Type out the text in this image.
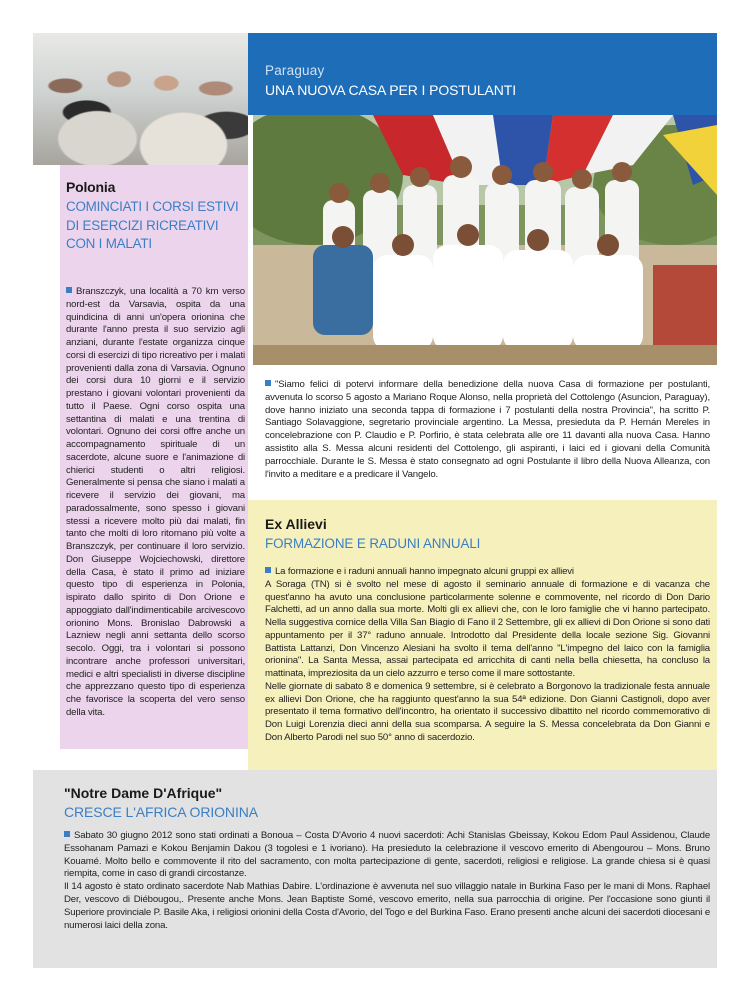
Polonia
COMINCIATI I CORSI ESTIVI DI ESERCIZI RICREATIVI CON I MALATI
Branszczyk, una località a 70 km verso nord-est da Varsavia, ospita da una quindicina di anni un'opera orionina che durante l'anno presta il suo servizio agli anziani, durante l'estate organizza cinque corsi di esercizi di tipo ricreativo per i malati provenienti dalla zona di Varsavia. Ognuno dei corsi dura 10 giorni e il servizio prestano i giovani volontari provenienti da tutto il Paese. Ogni corso ospita una settantina di malati e una trentina di volontari. Ognuno dei corsi offre anche un accompagnamento spirituale di un sacerdote, alcune suore e l'animazione di chierici studenti o altri religiosi. Generalmente si pensa che siano i malati a ricevere il servizio dei giovani, ma paradossalmente, sono spesso i giovani stessi a ricevere molto più dai malati, fin tanto che molti di loro ritornano più volte a Branszczyk, per continuare il loro servizio. Don Giuseppe Wojciechowski, direttore della Casa, è stato il primo ad iniziare questo tipo di esperienza in Polonia, ispirato dallo spirito di Don Orione e appoggiato dall'indimenticabile arcivescovo orionino Mons. Bronislao Dabrowski a Lazniew negli anni settanta dello scorso secolo. Oggi, tra i volontari si possono incontrare anche professori universitari, medici e altri specialisti in diverse discipline che apprezzano questo tipo di esperienza che favorisce la scoperta del vero senso della vita.
Paraguay
UNA NUOVA CASA PER I POSTULANTI
"Siamo felici di potervi informare della benedizione della nuova Casa di formazione per postulanti, avvenuta lo scorso 5 agosto a Mariano Roque Alonso, nella proprietà del Cottolengo (Asuncion, Paraguay), dove hanno iniziato una seconda tappa di formazione i 7 postulanti della nostra Provincia", ha scritto P. Santiago Solavaggione, segretario provinciale argentino. La Messa, presieduta da P. Hernán Mereles in concelebrazione con P. Claudio e P. Porfirio, è stata celebrata alle ore 11 davanti alla nuova Casa. Hanno assistito alla S. Messa alcuni residenti del Cottolengo, gli aspiranti, i laici ed i giovani della Comunità parrocchiale. Durante le S. Messa è stato consegnato ad ogni Postulante il libro della Nuova Alleanza, con l'invito a meditare e a predicare il Vangelo.
Ex Allievi
FORMAZIONE E RADUNI ANNUALI

La formazione e i raduni annuali hanno impegnato alcuni gruppi ex allievi

A Soraga (TN) si è svolto nel mese di agosto il seminario annuale di formazione e di vacanza che quest'anno ha avuto una conclusione particolarmente solenne e commovente, nel ricordo di Don Dario Falchetti, ad un anno dalla sua morte. Molti gli ex allievi che, con le loro famiglie che vi hanno partecipato. Nella suggestiva cornice della Villa San Biagio di Fano il 2 Settembre, gli ex allievi di Don Orione si sono dati appuntamento per il 37° raduno annuale. Introdotto dal Presidente della locale sezione Sig. Giovanni Battista Lattanzi, Don Vincenzo Alesiani ha svolto il tema dell'anno "L'impegno del laico con la famiglia orionina". La Santa Messa, assai partecipata ed arricchita di canti nella bella chiesetta, ha concluso la mattinata, impreziosita da un cielo azzurro e terso come il mare sottostante.

Nelle giornate di sabato 8 e domenica 9 settembre, si è celebrato a Borgonovo la tradizionale festa annuale ex allievi Don Orione, che ha raggiunto quest'anno la sua 54ª edizione. Don Gianni Castignoli, dopo aver presentato il tema formativo dell'incontro, ha orientato il successivo dibattito nel ricordo commemorativo di Don Luigi Lorenzia dieci anni della sua scomparsa. A seguire la S. Messa concelebrata da Don Gianni e Don Alberto Parodi nel suo 50° anno di sacerdozio.

"Notre Dame D'Afrique"
CRESCE L'AFRICA ORIONINA

Sabato 30 giugno 2012 sono stati ordinati a Bonoua – Costa D'Avorio 4 nuovi sacerdoti: Achi Stanislas Gbeissay, Kokou Edom Paul Assidenou, Claude Essohanam Pamazi e Kokou Benjamin Dakou (3 togolesi e 1 ivoriano). Ha presieduto la celebrazione il vescovo emerito di Abengourou – Mons. Bruno Kouamé. Molto bello e commovente il rito del sacramento, con molta partecipazione di gente, sacerdoti, religiosi e religiose. La grande chiesa si è quasi riempita, come in caso di grandi circostanze.

Il 14 agosto è stato ordinato sacerdote Nab Mathias Dabire. L'ordinazione è avvenuta nel suo villaggio natale in Burkina Faso per le mani di Mons. Raphael Der, vescovo di Diébougou,. Presente anche Mons. Jean Baptiste Somé, vescovo emerito, nella sua parrocchia di origine. Per l'occasione sono giunti il Superiore provinciale P. Basile Aka, i religiosi orionini della Costa d'Avorio, del Togo e del Burkina Faso. Erano presenti anche alcuni dei sacerdoti diocesani e numerosi laici della zona.
